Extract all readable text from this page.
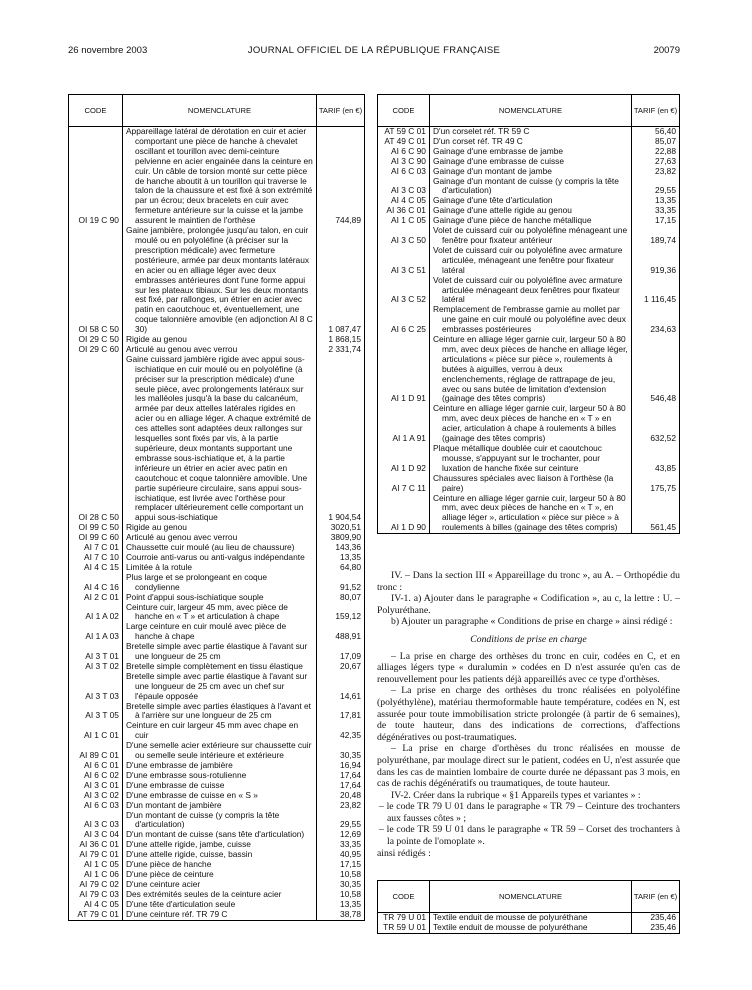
26 novembre 2003	JOURNAL OFFICIEL DE LA RÉPUBLIQUE FRANÇAISE	20079
CODE	NOMENCLATURE	TARIF (en €)
OI 19 C 90	Appareillage latéral de dérotation en cuir et acier comportant une pièce de hanche à chevalet oscillant et tourillon avec demi-ceinture pelvienne en acier engainée dans la ceinture en cuir. Un câble de torsion monté sur cette pièce de hanche aboutit à un tourillon qui traverse le talon de la chaussure et est fixé à son extrémité par un écrou; deux bracelets en cuir avec fermeture antérieure sur la cuisse et la jambe assurent le maintien de l'orthèse	744,89
OI 58 C 50	Gaine jambière, prolongée jusqu'au talon, en cuir moulé ou en polyoléfine (à préciser sur la prescription médicale) avec fermeture postérieure, armée par deux montants latéraux en acier ou en alliage léger avec deux embrasses antérieures dont l'une forme appui sur les plateaux tibiaux. Sur les deux montants est fixé, par rallonges, un étrier en acier avec patin en caoutchouc et, éventuellement, une coque talonnière amovible (en adjonction AI 8 C 30)	1 087,47
OI 29 C 50	Rigide au genou	1 868,15
OI 29 C 60	Articulé au genou avec verrou	2 331,74
OI 28 C 50	Gaine cuissard jambière rigide avec appui sous-ischiatique en cuir moulé ou en polyoléfine (à préciser sur la prescription médicale) d'une seule pièce, avec prolongements latéraux sur les malléoles jusqu'à la base du calcanéum, armée par deux attelles latérales rigides en acier ou en alliage léger. A chaque extrémité de ces attelles sont adaptées deux rallonges sur lesquelles sont fixés par vis, à la partie supérieure, deux montants supportant une embrasse sous-ischiatique et, à la partie inférieure un étrier en acier avec patin en caoutchouc et coque talonnière amovible. Une partie supérieure circulaire, sans appui sous-ischiatique, est livrée avec l'orthèse pour remplacer ultérieurement celle comportant un appui sous-ischiatique	1 904,54
OI 99 C 50	Rigide au genou	3020,51
OI 99 C 60	Articulé au genou avec verrou	3809,90
AI 7 C 01	Chaussette cuir moulé (au lieu de chaussure)	143,36
AI 7 C 10	Courroie anti-varus ou anti-valgus indépendante	13,35
AI 4 C 15	Limitée à la rotule	64,80
AI 4 C 16	Plus large et se prolongeant en coque condylienne	91,52
AI 2 C 01	Point d'appui sous-ischiatique souple	80,07
AI 1 A 02	Ceinture cuir, largeur 45 mm, avec pièce de hanche en « T » et articulation à chape	159,12
AI 1 A 03	Large ceinture en cuir moulé avec pièce de hanche à chape	488,91
AI 3 T 01	Bretelle simple avec partie élastique à l'avant sur une longueur de 25 cm	17,09
AI 3 T 02	Bretelle simple complètement en tissu élastique	20,67
AI 3 T 03	Bretelle simple avec partie élastique à l'avant sur une longueur de 25 cm avec un chef sur l'épaule opposée	14,61
AI 3 T 05	Bretelle simple avec parties élastiques à l'avant et à l'arrière sur une longueur de 25 cm	17,81
AI 1 C 01	Ceinture en cuir largeur 45 mm avec chape en cuir	42,35
AI 89 C 01	D'une semelle acier extérieure sur chaussette cuir ou semelle seule intérieure et extérieure	30,35
AI 6 C 01	D'une embrasse de jambière	16,94
AI 6 C 02	D'une embrasse sous-rotulienne	17,64
AI 3 C 01	D'une embrasse de cuisse	17,64
AI 3 C 02	D'une embrasse de cuisse en « S »	20,48
AI 6 C 03	D'un montant de jambière	23,82
AI 3 C 03	D'un montant de cuisse (y compris la tête d'articulation)	29,55
AI 3 C 04	D'un montant de cuisse (sans tête d'articulation)	12,69
AI 36 C 01	D'une attelle rigide, jambe, cuisse	33,35
AI 79 C 01	D'une attelle rigide, cuisse, bassin	40,95
AI 1 C 05	D'une pièce de hanche	17,15
AI 1 C 06	D'une pièce de ceinture	10,58
AI 79 C 02	D'une ceinture acier	30,35
AI 79 C 03	Des extrémités seules de la ceinture acier	10,58
AI 4 C 05	D'une tête d'articulation seule	13,35
AT 79 C 01	D'une ceinture réf. TR 79 C	38,78
CODE	NOMENCLATURE	TARIF (en €)
AT 59 C 01	D'un corselet réf. TR 59 C	56,40
AT 49 C 01	D'un corset réf. TR 49 C	85,07
AI 6 C 90	Gainage d'une embrasse de jambe	22,88
AI 3 C 90	Gainage d'une embrasse de cuisse	27,63
AI 6 C 03	Gainage d'un montant de jambe	23,82
AI 3 C 03	Gainage d'un montant de cuisse (y compris la tête d'articulation)	29,55
AI 4 C 05	Gainage d'une tête d'articulation	13,35
AI 36 C 01	Gainage d'une attelle rigide au genou	33,35
AI 1 C 05	Gainage d'une pièce de hanche métallique	17,15
AI 3 C 50	Volet de cuissard cuir ou polyoléfine ménageant une fenêtre pour fixateur antérieur	189,74
AI 3 C 51	Volet de cuissard cuir ou polyoléfine avec armature articulée, ménageant une fenêtre pour fixateur latéral	919,36
AI 3 C 52	Volet de cuissard cuir ou polyoléfine avec armature articulée ménageant deux fenêtres pour fixateur latéral	1 116,45
AI 6 C 25	Remplacement de l'embrasse garnie au mollet par une gaine en cuir moulé ou polyoléfine avec deux embrasses postérieures	234,63
AI 1 D 91	Ceinture en alliage léger garnie cuir, largeur 50 à 80 mm, avec deux pièces de hanche en alliage léger, articulations « pièce sur pièce », roulements à butées à aiguilles, verrou à deux enclenchements, réglage de rattrapage de jeu, avec ou sans butée de limitation d'extension (gainage des têtes compris)	546,48
AI 1 A 91	Ceinture en alliage léger garnie cuir, largeur 50 à 80 mm, avec deux pièces de hanche en « T » en acier, articulation à chape à roulements à billes (gainage des têtes compris)	632,52
AI 1 D 92	Plaque métallique doublée cuir et caoutchouc mousse, s'appuyant sur le trochanter, pour luxation de hanche fixée sur ceinture	43,85
AI 7 C 11	Chaussures spéciales avec liaison à l'orthèse (la paire)	175,75
AI 1 D 90	Ceinture en alliage léger garnie cuir, largeur 50 à 80 mm, avec deux pièces de hanche en « T », en alliage léger », articulation « pièce sur pièce » à roulements à billes (gainage des têtes compris)	561,45

IV. – Dans la section III « Appareillage du tronc », au A. – Orthopédie du tronc :

IV-1. a) Ajouter dans le paragraphe « Codification », au c, la lettre : U. – Polyuréthane.

b) Ajouter un paragraphe « Conditions de prise en charge » ainsi rédigé :

Conditions de prise en charge

– La prise en charge des orthèses du tronc en cuir, codées en C, et en alliages légers type « duralumin » codées en D n'est assurée qu'en cas de renouvellement pour les patients déjà appareillés avec ce type d'orthèses.

– La prise en charge des orthèses du tronc réalisées en polyoléfine (polyéthylène), matériau thermoformable haute température, codées en N, est assurée pour toute immobilisation stricte prolongée (à partir de 6 semaines), de toute hauteur, dans des indications de corrections, d'affections dégénératives ou post-traumatiques.

– La prise en charge d'orthèses du tronc réalisées en mousse de polyuréthane, par moulage direct sur le patient, codées en U, n'est assurée que dans les cas de maintien lombaire de courte durée ne dépassant pas 3 mois, en cas de rachis dégénératifs ou traumatiques, de toute hauteur.

IV-2. Créer dans la rubrique « §1 Appareils types et variantes » :

– le code TR 79 U 01 dans le paragraphe « TR 79 – Ceinture des trochanters aux fausses côtes » ;

– le code TR 59 U 01 dans le paragraphe « TR 59 – Corset des trochanters à la pointe de l'omoplate ».

ainsi rédigés :

CODE	NOMENCLATURE	TARIF (en €)
TR 79 U 01	Textile enduit de mousse de polyuréthane	235,46
TR 59 U 01	Textile enduit de mousse de polyuréthane	235,46
